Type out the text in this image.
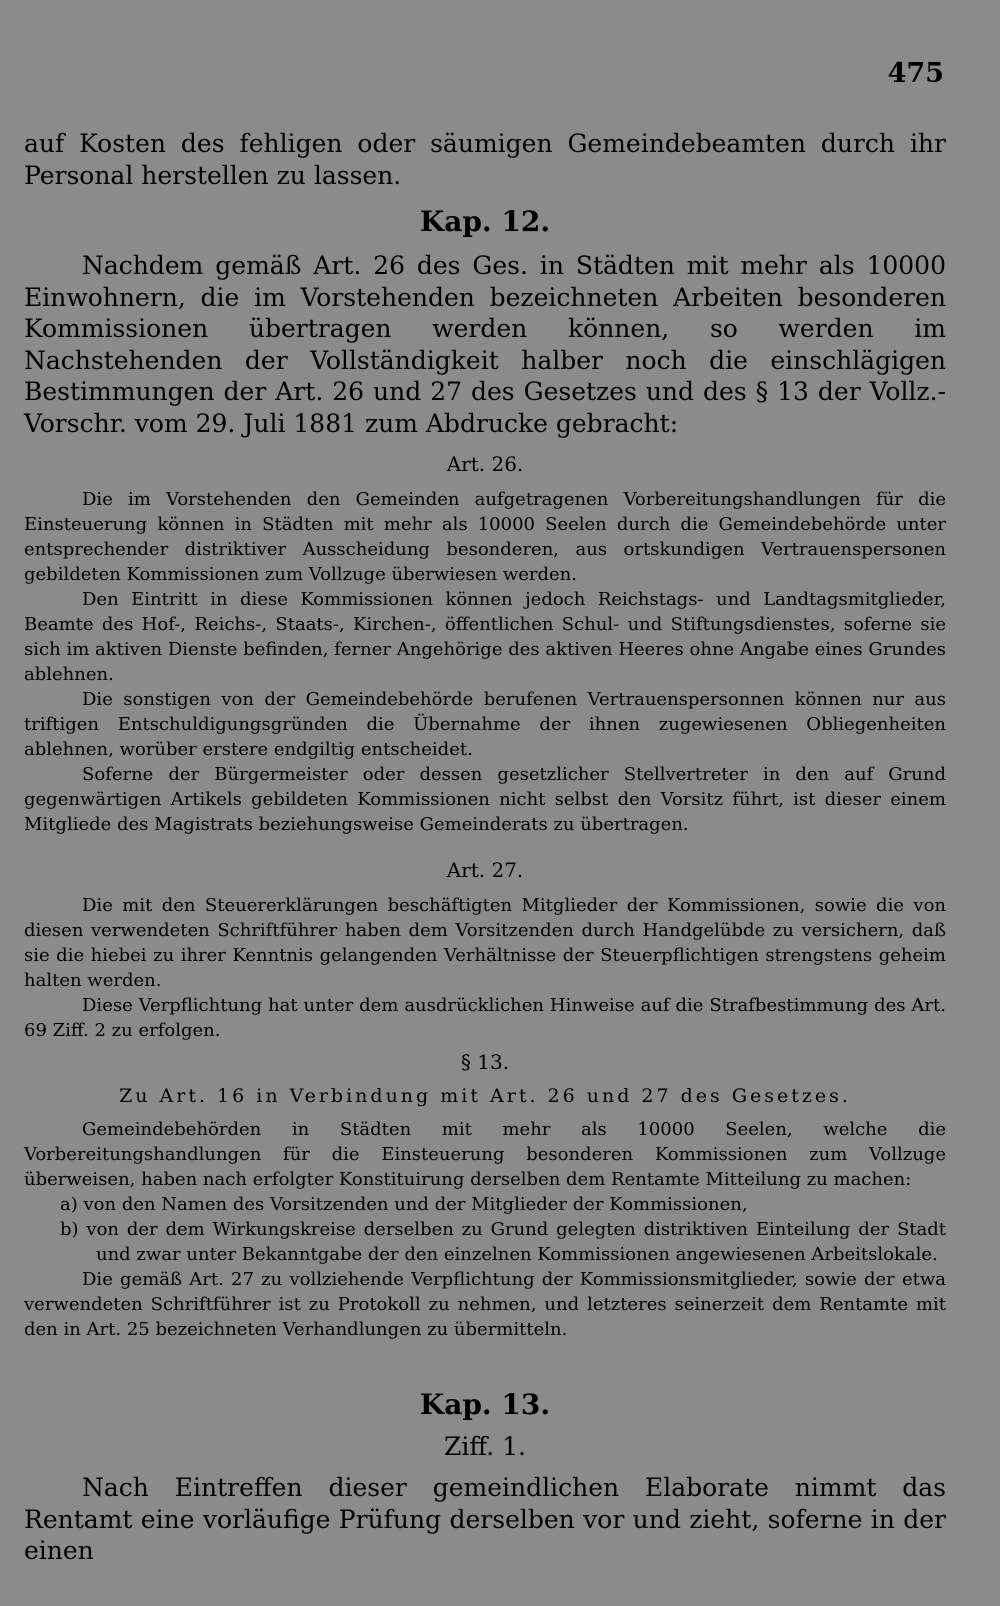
475

auf Kosten des fehligen oder säumigen Gemeindebeamten durch ihr Personal herstellen zu lassen.

Kap. 12.

Nachdem gemäß Art. 26 des Ges. in Städten mit mehr als 10000 Einwohnern, die im Vorstehenden bezeichneten Arbeiten besonderen Kommissionen übertragen werden können, so werden im Nachstehenden der Vollständigkeit halber noch die einschlägigen Bestimmungen der Art. 26 und 27 des Gesetzes und des § 13 der Vollz.-Vorschr. vom 29. Juli 1881 zum Abdrucke gebracht:

Art. 26.

Die im Vorstehenden den Gemeinden aufgetragenen Vorbereitungshandlungen für die Einsteuerung können in Städten mit mehr als 10000 Seelen durch die Gemeindebehörde unter entsprechender distriktiver Ausscheidung besonderen, aus ortskundigen Vertrauenspersonen gebildeten Kommissionen zum Vollzuge überwiesen werden.

Den Eintritt in diese Kommissionen können jedoch Reichstags- und Landtagsmitglieder, Beamte des Hof-, Reichs-, Staats-, Kirchen-, öffentlichen Schul- und Stiftungsdienstes, soferne sie sich im aktiven Dienste befinden, ferner Angehörige des aktiven Heeres ohne Angabe eines Grundes ablehnen.

Die sonstigen von der Gemeindebehörde berufenen Vertrauenspersonnen können nur aus triftigen Entschuldigungsgründen die Übernahme der ihnen zugewiesenen Obliegenheiten ablehnen, worüber erstere endgiltig entscheidet.

Soferne der Bürgermeister oder dessen gesetzlicher Stellvertreter in den auf Grund gegenwärtigen Artikels gebildeten Kommissionen nicht selbst den Vorsitz führt, ist dieser einem Mitgliede des Magistrats beziehungsweise Gemeinderats zu übertragen.

Art. 27.

Die mit den Steuererklärungen beschäftigten Mitglieder der Kommissionen, sowie die von diesen verwendeten Schriftführer haben dem Vorsitzenden durch Handgelübde zu versichern, daß sie die hiebei zu ihrer Kenntnis gelangenden Verhältnisse der Steuerpflichtigen strengstens geheim halten werden.

Diese Verpflichtung hat unter dem ausdrücklichen Hinweise auf die Strafbestimmung des Art. 69 Ziff. 2 zu erfolgen.

§ 13.

Zu Art. 16 in Verbindung mit Art. 26 und 27 des Gesetzes.

Gemeindebehörden in Städten mit mehr als 10000 Seelen, welche die Vorbereitungshandlungen für die Einsteuerung besonderen Kommissionen zum Vollzuge überweisen, haben nach erfolgter Konstituirung derselben dem Rentamte Mitteilung zu machen:

a) von den Namen des Vorsitzenden und der Mitglieder der Kommissionen,

b) von der dem Wirkungskreise derselben zu Grund gelegten distriktiven Einteilung der Stadt und zwar unter Bekanntgabe der den einzelnen Kommissionen angewiesenen Arbeitslokale.

Die gemäß Art. 27 zu vollziehende Verpflichtung der Kommissionsmitglieder, sowie der etwa verwendeten Schriftführer ist zu Protokoll zu nehmen, und letzteres seinerzeit dem Rentamte mit den in Art. 25 bezeichneten Verhandlungen zu übermitteln.

Kap. 13.

Ziff. 1.

Nach Eintreffen dieser gemeindlichen Elaborate nimmt das Rentamt eine vorläufige Prüfung derselben vor und zieht, soferne in der einen
